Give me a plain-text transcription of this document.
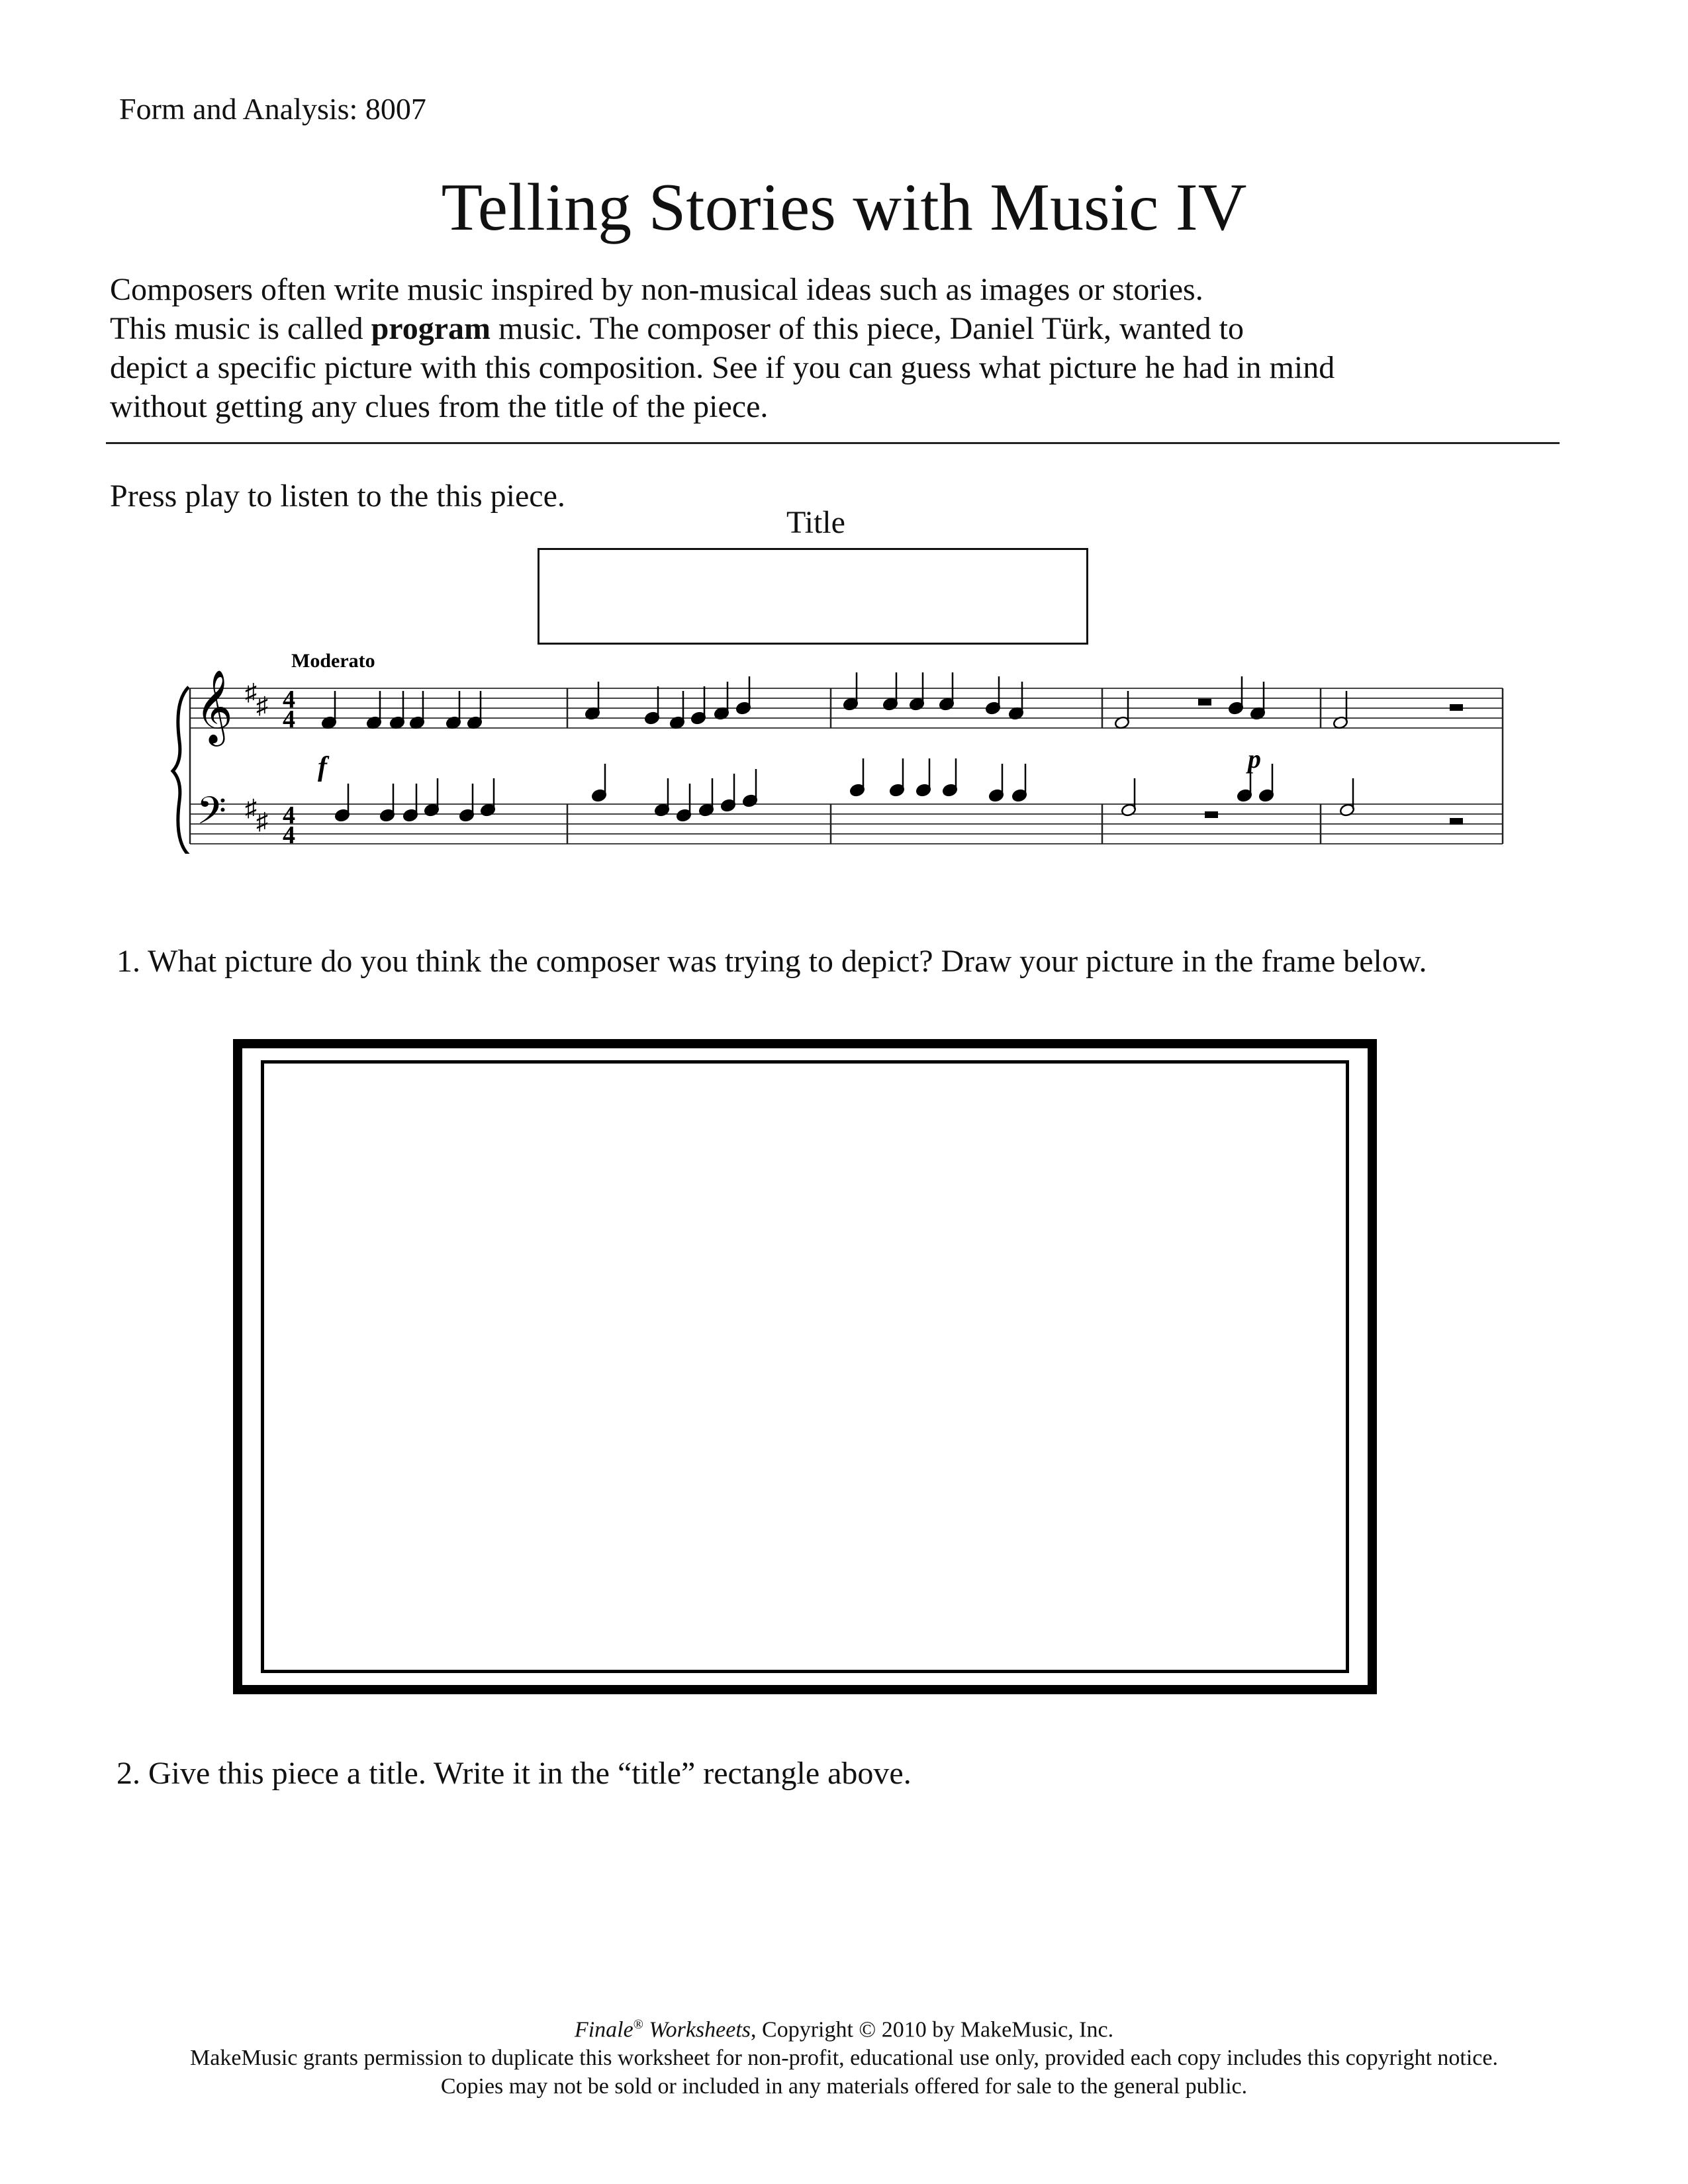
Form and Analysis: 8007
Telling Stories with Music IV
Composers often write music inspired by non-musical ideas such as images or stories.
This music is called program music. The composer of this piece, Daniel Türk, wanted to
depict a specific picture with this composition. See if you can guess what picture he had in mind
without getting any clues from the title of the piece.
Press play to listen to the this piece.
Title
𝄞
𝄢
♯ ♯
♯ ♯
4
4
4
4
Moderato
f	p
1. What picture do you think the composer was trying to depict? Draw your picture in the frame below.
2. Give this piece a title. Write it in the “title” rectangle above.
Finale® Worksheets, Copyright © 2010 by MakeMusic, Inc.
MakeMusic grants permission to duplicate this worksheet for non-profit, educational use only, provided each copy includes this copyright notice.
Copies may not be sold or included in any materials offered for sale to the general public.
